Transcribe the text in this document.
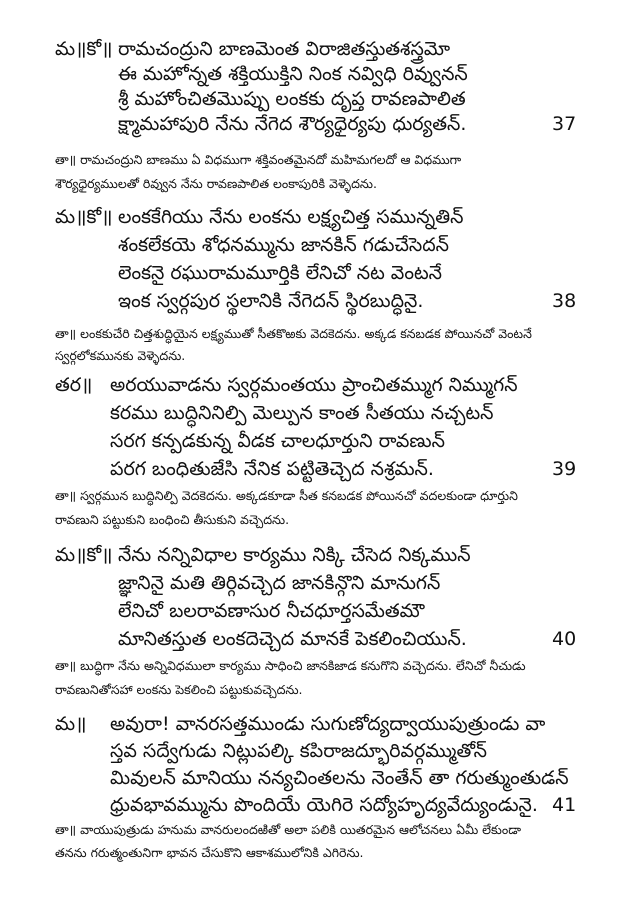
మ॥కో॥ రామచంద్రుని బాణమెంత విరాజితస్తుతశస్త్రమో
ఈ మహోన్నత శక్తియుక్తిని నింక నవ్విధి రివ్వునన్
శ్రీ మహోంచితమొప్పు లంకకు దృప్త రావణపాలిత
క్ష్మామహాపురి నేను నేగెద శౌర్యధైర్యపు ధుర్యతన్.	37
తా॥ రామచంద్రుని బాణము ఏ విధముగా శక్తివంతమైనదో మహిమగలదో ఆ విధముగా
శౌర్యధైర్యములతో రివ్వున నేను రావణపాలిత లంకాపురికి వెళ్ళెదను.
మ॥కో॥ లంకకేగియు నేను లంకను లక్ష్యచిత్త సమున్నతిన్
శంకలేకయె శోధనమ్మును జానకిన్ గడుచేసెదన్
లెంకనై రఘురామమూర్తికి లేనిచో నట వెంటనే
ఇంక స్వర్గపుర స్థలానికి నేగెదన్ స్థిరబుద్ధినై.	38
తా॥ లంకకుచేరి చిత్తశుద్ధియైన లక్ష్యముతో సీతకొఱకు వెదకెదను. అక్కడ కనబడక పోయినచో వెంటనే
స్వర్గలోకమునకు వెళ్ళెదను.
తర॥ అరయువాడను స్వర్గమంతయు ప్రాంచితమ్ముగ నిమ్ముగన్
కరము బుద్ధినినిల్పి మెల్పున కాంత సీతయు నచ్చటన్
సరగ కన్పడకున్న వీడక చాలధూర్తుని రావణున్
పరగ బంధితుజేసి నేనిక పట్టితెచ్చెద నశ్రమన్.	39
తా॥ స్వర్గమున బుద్ధినిల్పి వెదకెదను. అక్కడకూడా సీత కనబడక పోయినచో వదలకుండా ధూర్తుని
రావణుని పట్టుకుని బంధించి తీసుకుని వచ్చెదను.
మ॥కో॥ నేను నన్నివిధాల కార్యము నిక్కి చేసెద నిక్కమున్
జ్ఞానినై మతి తిర్గివచ్చెద జానకిన్గొని మానుగన్
లేనిచో బలరావణాసుర నీచధూర్తసమేతమౌ
మానితస్తుత లంకదెచ్చెద మానకే పెకలించియున్.	40
తా॥ బుద్ధిగా నేను అన్నివిధములా కార్యము సాధించి జానకిజాడ కనుగొని వచ్చెదను. లేనిచో నీచుడు
రావణునితోసహా లంకను పెకలించి పట్టుకువచ్చెదను.
మ॥ అవురా! వానరసత్తముండు సుగుణోద్యద్వాయుపుత్రుండు వా
స్తవ సద్వేగుడు నిట్లుపల్కి కపిరాజద్భూరివర్గమ్ముతోన్
మివులన్ మానియు నన్యచింతలను నెంతేన్ తా గరుత్ముంతుడన్
ధ్రువభావమ్మును పొందియే యెగిరె సద్యోహృద్యవేద్యుండునై. 41
తా॥ వాయుపుత్రుడు హనుమ వానరులందఱితో అలా పలికి యితరమైన ఆలోచనలు ఏమీ లేకుండా
తనను గరుత్మంతునిగా భావన చేసుకొని ఆకాశములోనికి ఎగిరెను.
